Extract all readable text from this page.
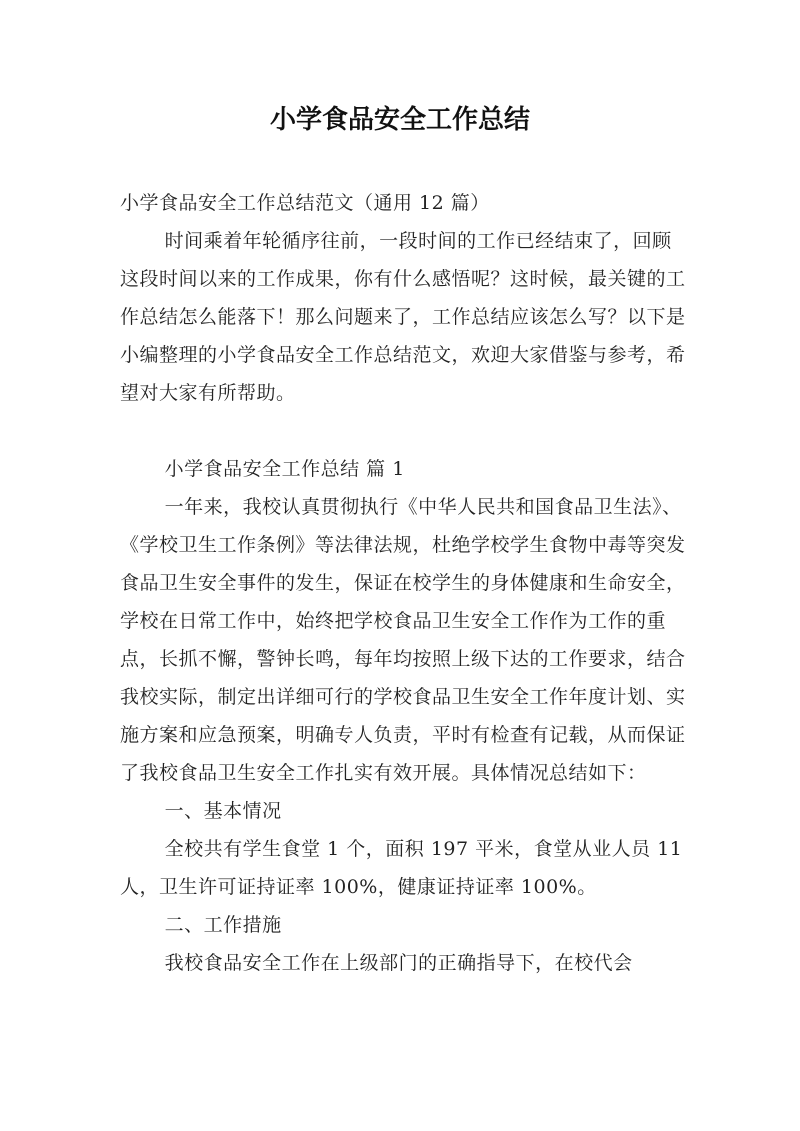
小学食品安全工作总结

小学食品安全工作总结范文（通用 12 篇）

时间乘着年轮循序往前，一段时间的工作已经结束了，回顾这段时间以来的工作成果，你有什么感悟呢？这时候，最关键的工作总结怎么能落下！那么问题来了，工作总结应该怎么写？以下是小编整理的小学食品安全工作总结范文，欢迎大家借鉴与参考，希望对大家有所帮助。

小学食品安全工作总结 篇 1

一年来，我校认真贯彻执行《中华人民共和国食品卫生法》、《学校卫生工作条例》等法律法规，杜绝学校学生食物中毒等突发食品卫生安全事件的发生，保证在校学生的身体健康和生命安全，学校在日常工作中，始终把学校食品卫生安全工作作为工作的重点，长抓不懈，警钟长鸣，每年均按照上级下达的工作要求，结合我校实际，制定出详细可行的学校食品卫生安全工作年度计划、实施方案和应急预案，明确专人负责，平时有检查有记载，从而保证了我校食品卫生安全工作扎实有效开展。具体情况总结如下：

一、基本情况

全校共有学生食堂 1 个，面积 197 平米，食堂从业人员 11 人，卫生许可证持证率 100%，健康证持证率 100%。

二、工作措施

我校食品安全工作在上级部门的正确指导下，在校代会
